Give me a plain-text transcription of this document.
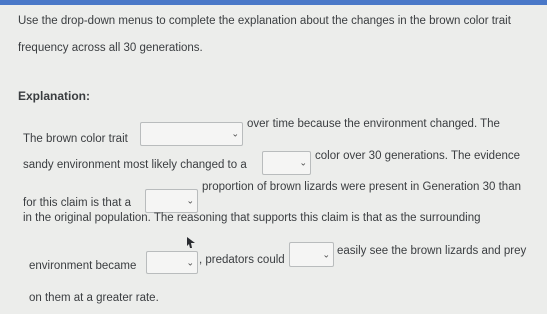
Use the drop-down menus to complete the explanation about the changes in the brown color trait
frequency across all 30 generations.
Explanation:
The brown color trait	⌄
over time because the environment changed. The
sandy environment most likely changed to a	⌄
color over 30 generations. The evidence
for this claim is that a	⌄
proportion of brown lizards were present in Generation 30 than
in the original population. The reasoning that supports this claim is that as the surrounding
environment became	⌄ , predators could	⌄ easily see the brown lizards and prey
on them at a greater rate.
